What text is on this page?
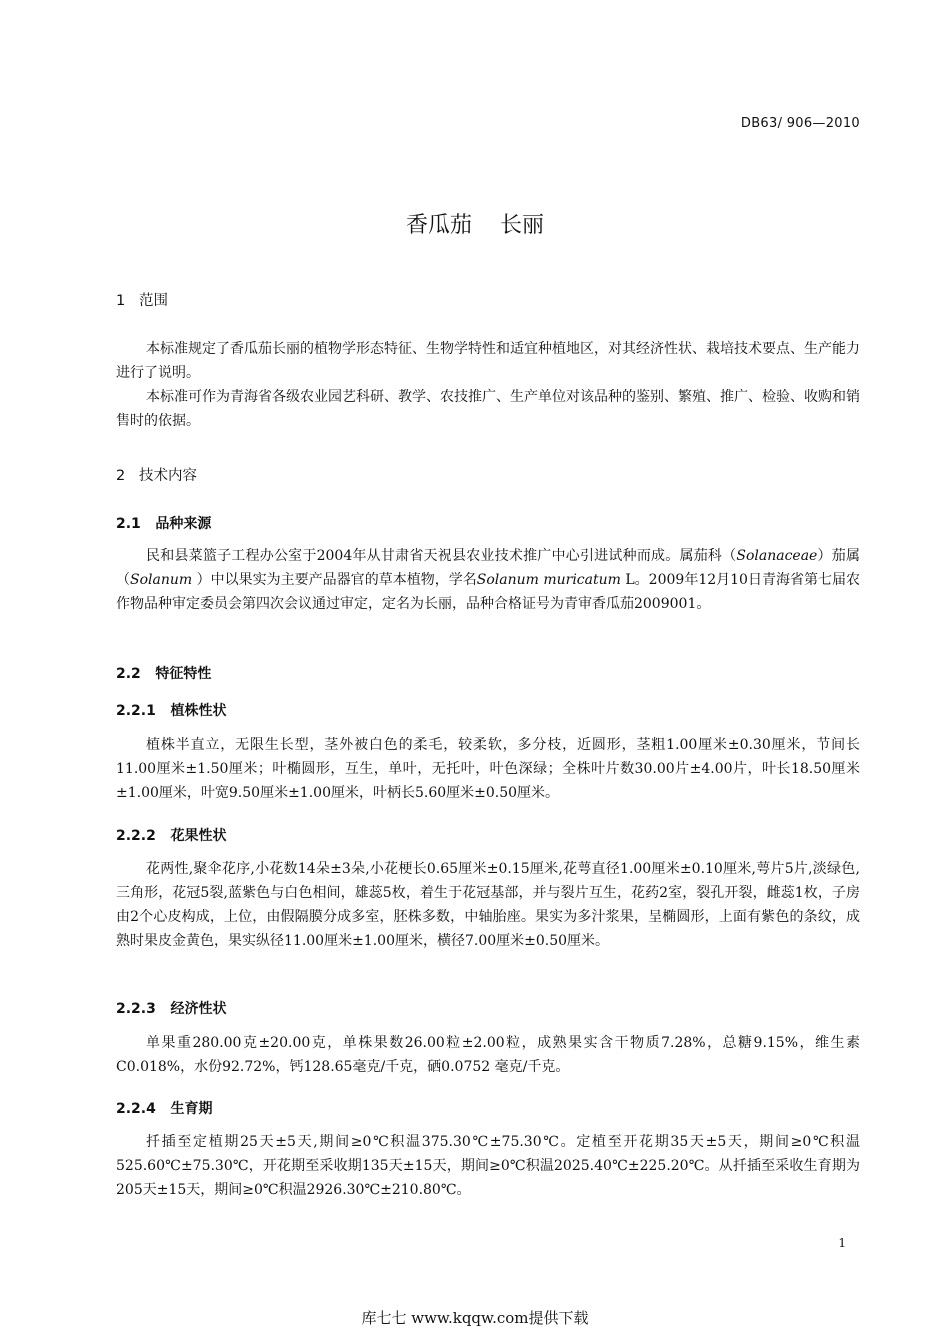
DB63/ 906—2010
香瓜茄    长丽
1   范围
本标准规定了香瓜茄长丽的植物学形态特征、生物学特性和适宜种植地区，对其经济性状、栽培技术要点、生产能力进行了说明。
本标准可作为青海省各级农业园艺科研、教学、农技推广、生产单位对该品种的鉴别、繁殖、推广、检验、收购和销售时的依据。
2   技术内容
2.1   品种来源
民和县菜篮子工程办公室于2004年从甘肃省天祝县农业技术推广中心引进试种而成。属茄科（Solanaceae）茄属（Solanum ）中以果实为主要产品器官的草本植物，学名Solanum muricatum L。2009年12月10日青海省第七届农作物品种审定委员会第四次会议通过审定，定名为长丽，品种合格证号为青审香瓜茄2009001。
2.2   特征特性
2.2.1   植株性状
植株半直立，无限生长型，茎外被白色的柔毛，较柔软，多分枝，近圆形，茎粗1.00厘米±0.30厘米，节间长11.00厘米±1.50厘米；叶椭圆形，互生，单叶，无托叶，叶色深绿；全株叶片数30.00片±4.00片，叶长18.50厘米±1.00厘米，叶宽9.50厘米±1.00厘米，叶柄长5.60厘米±0.50厘米。
2.2.2   花果性状
花两性,聚伞花序,小花数14朵±3朵,小花梗长0.65厘米±0.15厘米,花萼直径1.00厘米±0.10厘米,萼片5片,淡绿色,三角形，花冠5裂,蓝紫色与白色相间，雄蕊5枚，着生于花冠基部，并与裂片互生，花药2室，裂孔开裂，雌蕊1枚，子房由2个心皮构成，上位，由假隔膜分成多室，胚株多数，中轴胎座。果实为多汁浆果，呈椭圆形，上面有紫色的条纹，成熟时果皮金黄色，果实纵径11.00厘米±1.00厘米，横径7.00厘米±0.50厘米。
2.2.3   经济性状
单果重280.00克±20.00克，单株果数26.00粒±2.00粒，成熟果实含干物质7.28%，总糖9.15%，维生素C0.018%，水份92.72%，钙128.65毫克/千克，硒0.0752 毫克/千克。
2.2.4   生育期
扦插至定植期25天±5天,期间≥0℃积温375.30℃±75.30℃。定植至开花期35天±5天，期间≥0℃积温525.60℃±75.30℃，开花期至采收期135天±15天，期间≥0℃积温2025.40℃±225.20℃。从扦插至采收生育期为205天±15天，期间≥0℃积温2926.30℃±210.80℃。
1
库七七 www.kqqw.com提供下载
